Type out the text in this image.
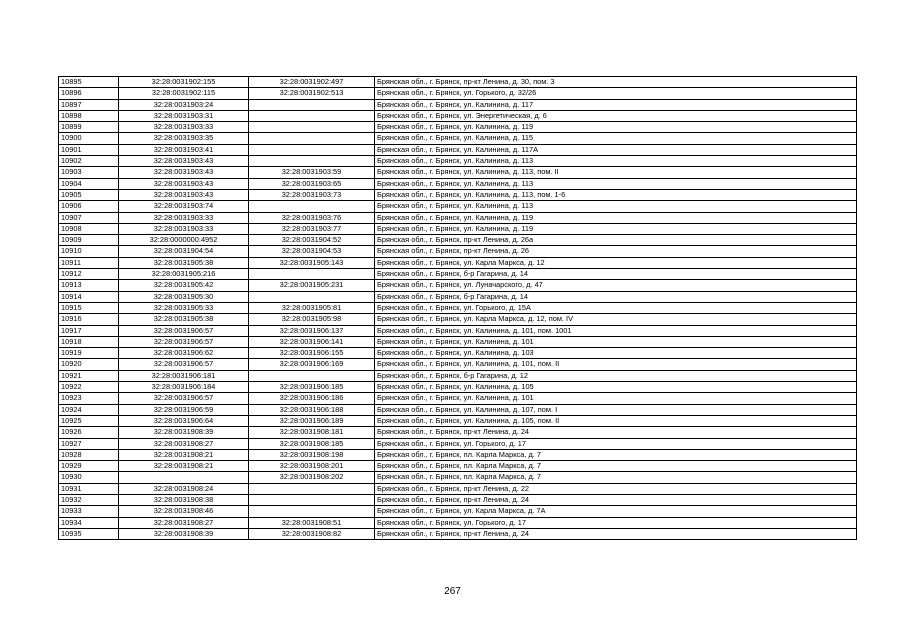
10895	32:28:0031902:155	32:28:0031902:497	Брянская обл., г. Брянск, пр-кт Ленина, д. 30, пом. 3
10896	32:28:0031902:115	32:28:0031902:513	Брянская обл., г. Брянск, ул. Горького, д. 32/26
10897	32:28:0031903:24		Брянская обл., г. Брянск, ул. Калинина, д. 117
10898	32:28:0031903:31		Брянская обл., г. Брянск, ул. Энергетическая, д. 6
10899	32:28:0031903:33		Брянская обл., г. Брянск, ул. Калинина, д. 119
10900	32:28:0031903:35		Брянская обл., г. Брянск, ул. Калинина, д. 115
10901	32:28:0031903:41		Брянская обл., г. Брянск, ул. Калинина, д. 117А
10902	32:28:0031903:43		Брянская обл., г. Брянск, ул. Калинина, д. 113
10903	32:28:0031903:43	32:28:0031903:59	Брянская обл., г. Брянск, ул. Калинина, д. 113, пом. II
10904	32:28:0031903:43	32:28:0031903:65	Брянская обл., г. Брянск, ул. Калинина, д. 113
10905	32:28:0031903:43	32:28:0031903:73	Брянская обл., г. Брянск, ул. Калинина, д. 113, пом. 1-6
10906	32:28:0031903:74		Брянская обл., г. Брянск, ул. Калинина, д. 113
10907	32:28:0031903:33	32:28:0031903:76	Брянская обл., г. Брянск, ул. Калинина, д. 119
10908	32:28:0031903:33	32:28:0031903:77	Брянская обл., г. Брянск, ул. Калинина, д. 119
10909	32:28:0000000:4952	32:28:0031904:52	Брянская обл., г. Брянск, пр-кт Ленина, д. 26а
10910	32:28:0031904:54	32:28:0031904:53	Брянская обл., г. Брянск, пр-кт Ленина, д. 26
10911	32:28:0031905:38	32:28:0031905:143	Брянская обл., г. Брянск, ул. Карла Маркса, д. 12
10912	32:28:0031905:216		Брянская обл., г. Брянск, б-р Гагарина, д. 14
10913	32:28:0031905:42	32:28:0031905:231	Брянская обл., г. Брянск, ул. Луначарского, д. 47
10914	32:28:0031905:30		Брянская обл., г. Брянск, б-р Гагарина, д. 14
10915	32:28:0031905:33	32:28:0031905:81	Брянская обл., г. Брянск, ул. Горького, д. 15А
10916	32:28:0031905:38	32:28:0031905:98	Брянская обл., г. Брянск, ул. Карла Маркса, д. 12, пом. IV
10917	32:28:0031906:57	32:28:0031906:137	Брянская обл., г. Брянск, ул. Калинина, д. 101, пом. 1001
10918	32:28:0031906:57	32:28:0031906:141	Брянская обл., г. Брянск, ул. Калинина, д. 101
10919	32:28:0031906:62	32:28:0031906:155	Брянская обл., г. Брянск, ул. Калинина, д. 103
10920	32:28:0031906:57	32:28:0031906:169	Брянская обл., г. Брянск, ул. Калинина, д. 101, пом. II
10921	32:28:0031906:181		Брянская обл., г. Брянск, б-р Гагарина, д. 12
10922	32:28:0031906:184	32:28:0031906:185	Брянская обл., г. Брянск, ул. Калинина, д. 105
10923	32:28:0031906:57	32:28:0031906:186	Брянская обл., г. Брянск, ул. Калинина, д. 101
10924	32:28:0031906:59	32:28:0031906:188	Брянская обл., г. Брянск, ул. Калинина, д. 107, пом. I
10925	32:28:0031906:64	32:28:0031906:189	Брянская обл., г. Брянск, ул. Калинина, д. 105, пом. II
10926	32:28:0031908:39	32:28:0031908:181	Брянская обл., г. Брянск, пр-кт Ленина, д. 24
10927	32:28:0031908:27	32:28:0031908:185	Брянская обл., г. Брянск, ул. Горького, д. 17
10928	32:28:0031908:21	32:28:0031908:198	Брянская обл., г. Брянск, пл. Карла Маркса, д. 7
10929	32:28:0031908:21	32:28:0031908:201	Брянская обл., г. Брянск, пл. Карла Маркса, д. 7
10930		32:28:0031908:202	Брянская обл., г. Брянск, пл. Карла Маркса, д. 7
10931	32:28:0031908:24		Брянская обл., г. Брянск, пр-кт Ленина, д. 22
10932	32:28:0031908:38		Брянская обл., г. Брянск, пр-кт Ленина, д. 24
10933	32:28:0031908:46		Брянская обл., г. Брянск, ул. Карла Маркса, д. 7А
10934	32:28:0031908:27	32:28:0031908:51	Брянская обл., г. Брянск, ул. Горького, д. 17
10935	32:28:0031908:39	32:28:0031908:82	Брянская обл., г. Брянск, пр-кт Ленина, д. 24
267
